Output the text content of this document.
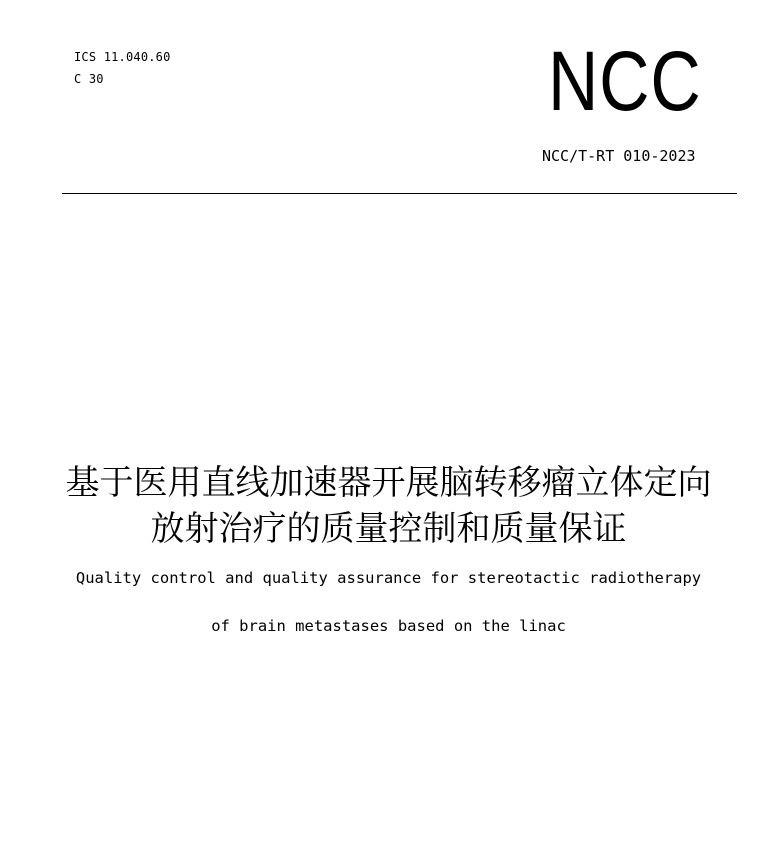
ICS 11.040.60
C 30	NCC
NCC/T-RT 010-2023
基于医用直线加速器开展脑转移瘤立体定向
放射治疗的质量控制和质量保证
Quality control and quality assurance for stereotactic radiotherapy
of brain metastases based on the linac
